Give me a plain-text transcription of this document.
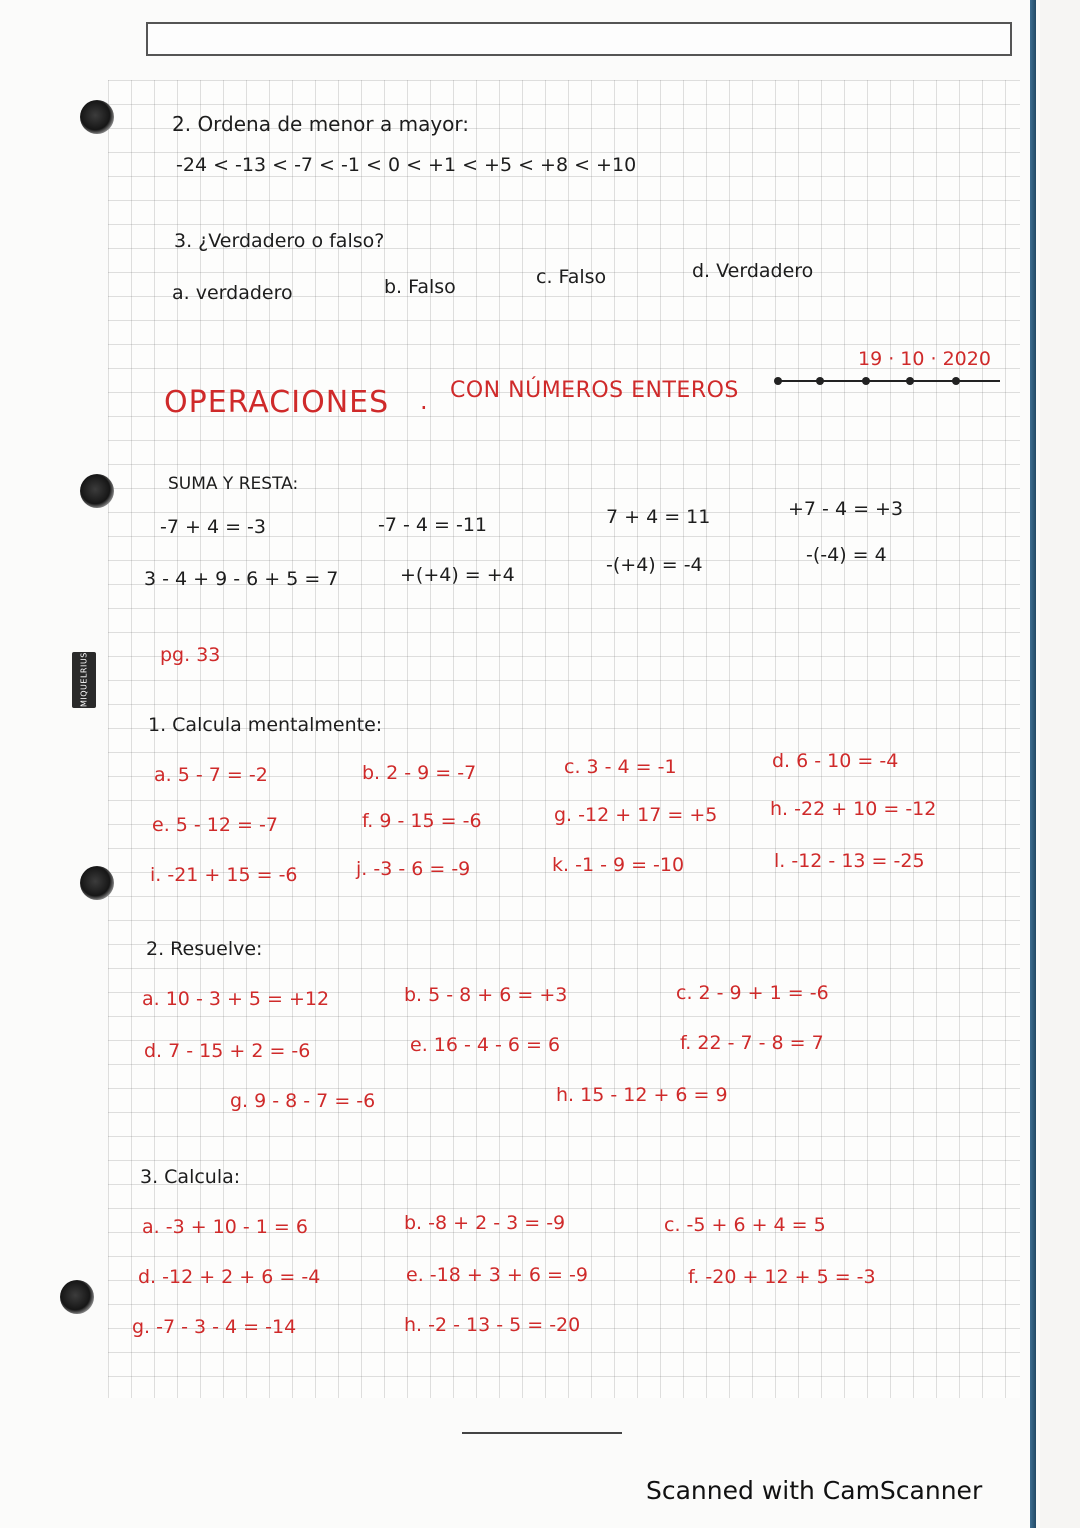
MIQUELRIUS
2. Ordena de menor a mayor:
-24 < -13 < -7 < -1 < 0 < +1 < +5 < +8 < +10
3. ¿Verdadero o falso?
a. verdadero	b. Falso	c. Falso	d. Verdadero
19 · 10 · 2020
OPERACIONES ·
CON NÚMEROS ENTEROS
SUMA Y RESTA:
-7 + 4 = -3	-7 - 4 = -11	7 + 4 = 11	+7 - 4 = +3
3 - 4 + 9 - 6 + 5 = 7	+(+4) = +4	-(+4) = -4	-(-4) = 4
pg. 33
1. Calcula mentalmente:
a. 5 - 7 = -2	b. 2 - 9 = -7	c. 3 - 4 = -1	d. 6 - 10 = -4
e. 5 - 12 = -7	f. 9 - 15 = -6	g. -12 + 17 = +5	h. -22 + 10 = -12
i. -21 + 15 = -6	j. -3 - 6 = -9	k. -1 - 9 = -10	l. -12 - 13 = -25
2. Resuelve:
a. 10 - 3 + 5 = +12	b. 5 - 8 + 6 = +3	c. 2 - 9 + 1 = -6
d. 7 - 15 + 2 = -6	e. 16 - 4 - 6 = 6	f. 22 - 7 - 8 = 7
g. 9 - 8 - 7 = -6	h. 15 - 12 + 6 = 9
3. Calcula:
a. -3 + 10 - 1 = 6	b. -8 + 2 - 3 = -9	c. -5 + 6 + 4 = 5
d. -12 + 2 + 6 = -4	e. -18 + 3 + 6 = -9	f. -20 + 12 + 5 = -3
g. -7 - 3 - 4 = -14	h. -2 - 13 - 5 = -20
Scanned with CamScanner
